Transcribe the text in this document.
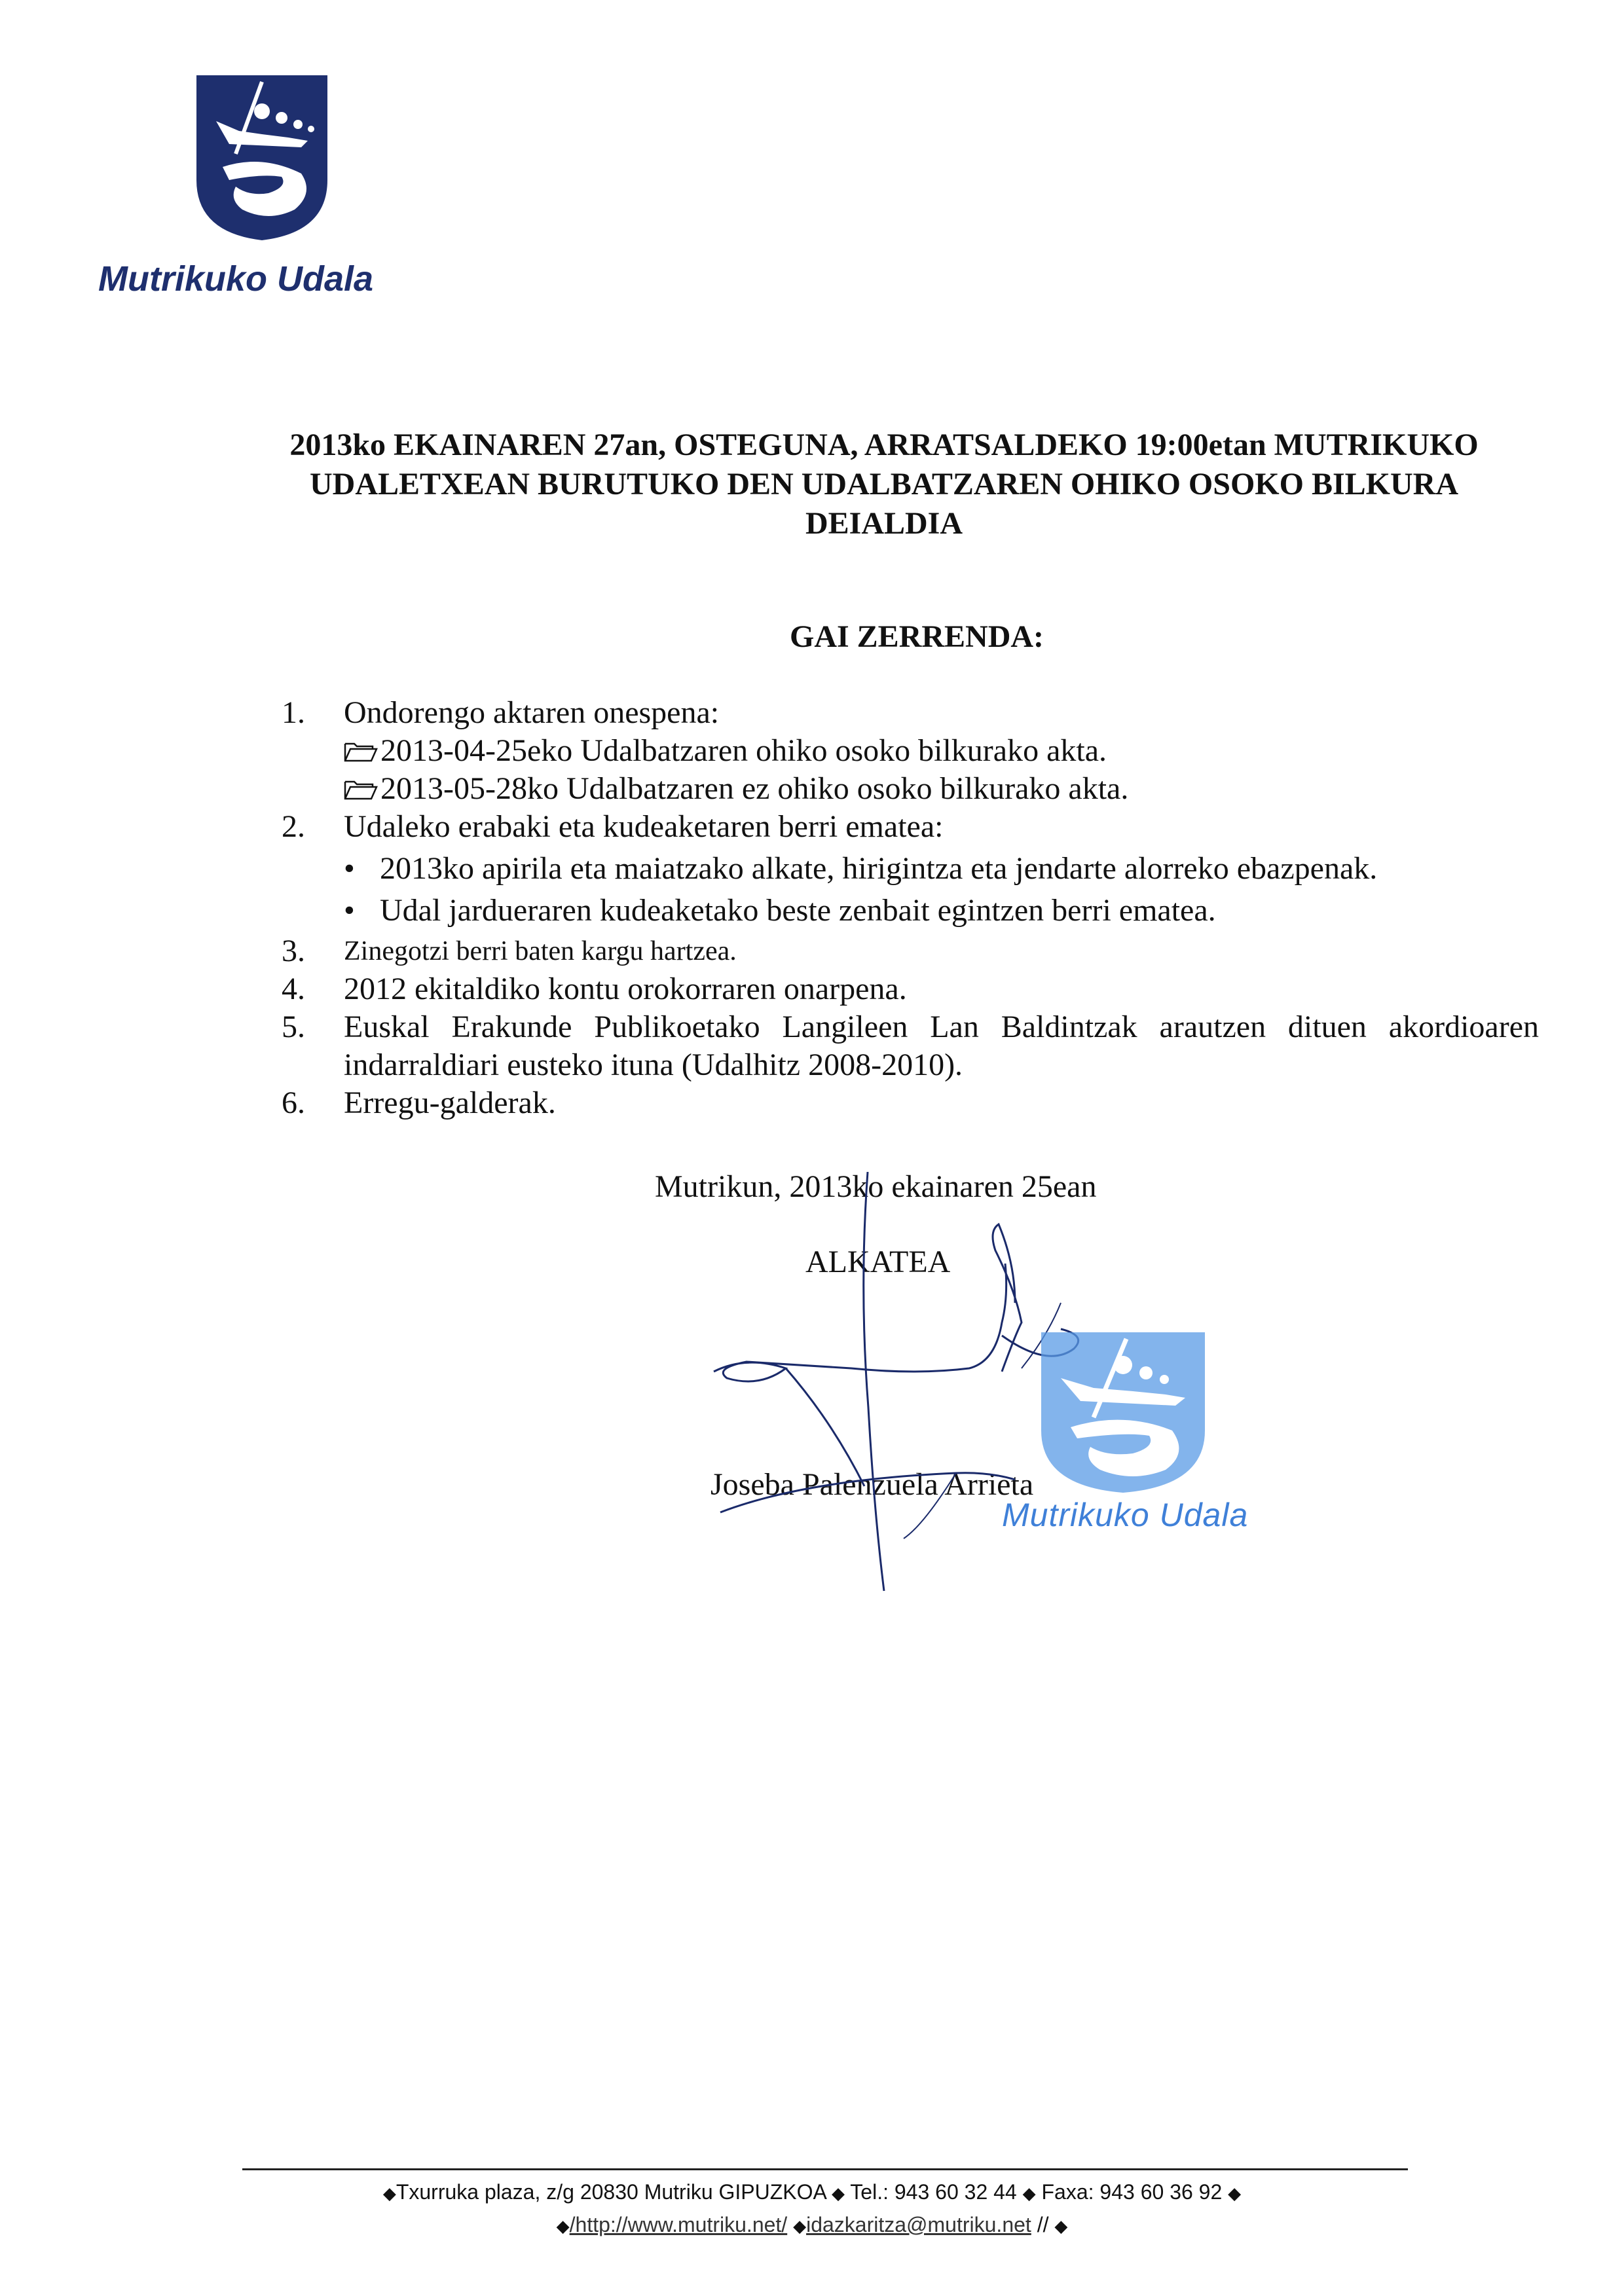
Mutrikuko Udala
2013ko EKAINAREN 27an, OSTEGUNA, ARRATSALDEKO 19:00etan MUTRIKUKO
UDALETXEAN BURUTUKO DEN UDALBATZAREN OHIKO OSOKO BILKURA
DEIALDIA
GAI ZERRENDA:
1. Ondorengo aktaren onespena:
2013-04-25eko Udalbatzaren ohiko osoko bilkurako akta.
2013-05-28ko Udalbatzaren ez ohiko osoko bilkurako akta.
2. Udaleko erabaki eta kudeaketaren berri ematea:
• 2013ko apirila eta maiatzako alkate, hirigintza eta jendarte alorreko ebazpenak.
• Udal jardueraren kudeaketako beste zenbait egintzen berri ematea.
3. Zinegotzi berri baten kargu hartzea.
4. 2012 ekitaldiko kontu orokorraren onarpena.
5. Euskal Erakunde Publikoetako Langileen Lan Baldintzak arautzen dituen akordioaren
indarraldiari eusteko ituna (Udalhitz 2008-2010).
6. Erregu-galderak.
Mutrikun, 2013ko ekainaren 25ean
ALKATEA
Joseba Palenzuela Arrieta
Mutrikuko Udala
◆Txurruka plaza, z/g 20830 Mutriku GIPUZKOA ◆ Tel.: 943 60 32 44 ◆ Faxa: 943 60 36 92 ◆
◆/http://www.mutriku.net/ ◆idazkaritza@mutriku.net // ◆
